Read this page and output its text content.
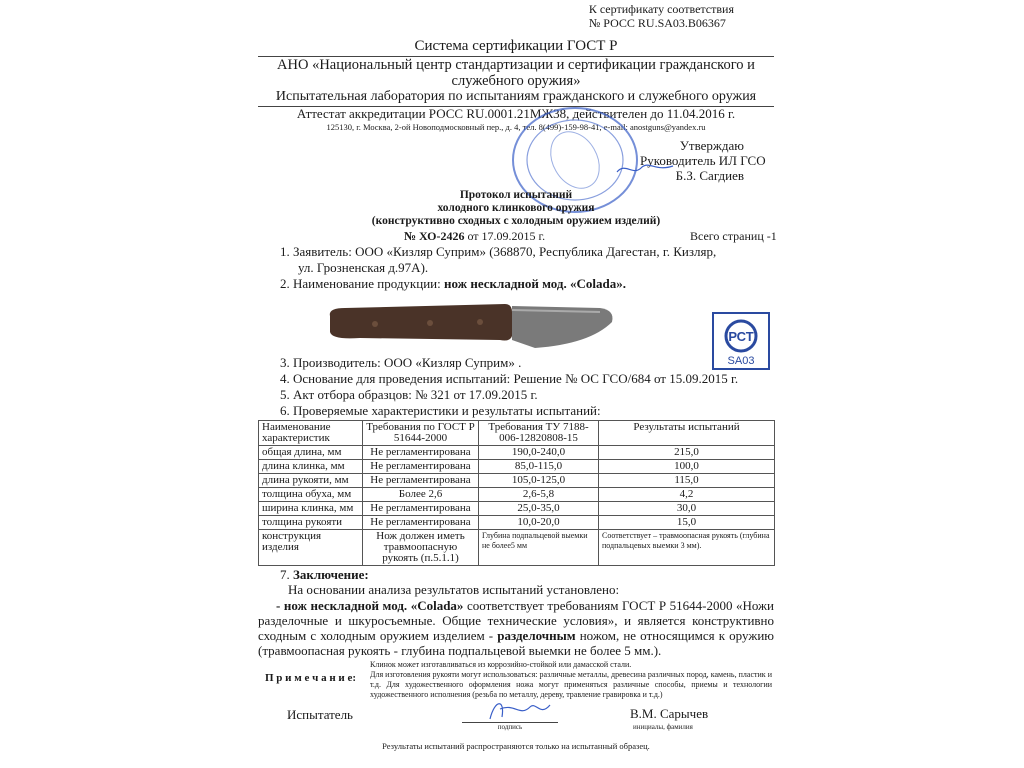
К сертификату соответствия
№ РОСС RU.SA03.B06367
Система сертификации ГОСТ Р
АНО «Национальный центр стандартизации и сертификации гражданского и
служебного оружия»
Испытательная лаборатория по испытаниям гражданского и служебного оружия
Аттестат аккредитации РОСС RU.0001.21МЖ38, действителен до 11.04.2016 г.
125130, г. Москва, 2-ой Новоподмосковный пер., д. 4, тел. 8(499)-159-98-41, e-mail: anostguns@yandex.ru
Утверждаю
Руководитель ИЛ ГСО
Б.З. Сагдиев
Протокол испытаний
холодного клинкового оружия
(конструктивно сходных с холодным оружием изделий)
№ ХО-2426 от 17.09.2015 г.	Всего страниц -1
1. Заявитель: ООО «Кизляр Суприм» (368870, Республика Дагестан, г. Кизляр,
ул. Грозненская д.97А).
2. Наименование продукции: нож нескладной мод. «Colada».
РСТ
SA03
3. Производитель: ООО «Кизляр Суприм» .
4. Основание для проведения испытаний: Решение № ОС ГСО/684 от 15.09.2015 г.
5. Акт отбора образцов: № 321 от 17.09.2015 г.
6. Проверяемые характеристики и результаты испытаний:
Наименование характеристик	Требования по ГОСТ Р 51644-2000	Требования ТУ 7188-006-12820808-15	Результаты испытаний
общая длина, мм	Не регламентирована	190,0-240,0	215,0
длина клинка, мм	Не регламентирована	85,0-115,0	100,0
длина рукояти, мм	Не регламентирована	105,0-125,0	115,0
толщина обуха, мм	Более 2,6	2,6-5,8	4,2
ширина клинка, мм	Не регламентирована	25,0-35,0	30,0
толщина рукояти	Не регламентирована	10,0-20,0	15,0
конструкция изделия	Нож должен иметь травмоопасную рукоять (п.5.1.1)	Глубина подпальцевой выемки не более5 мм	Соответствует – травмоопасная рукоять (глубина подпальцевых выемки 3 мм).
7. Заключение:
На основании анализа результатов испытаний установлено:
- нож нескладной мод. «Colada» соответствует требованиям ГОСТ Р 51644-2000 «Ножи разделочные и шкуросъемные. Общие технические условия», и является конструктивно сходным с холодным оружием изделием - разделочным ножом, не относящимся к оружию (травмоопасная рукоять - глубина подпальцевой выемки не более 5 мм.).
П р и м е ч а н и е:
Клинок может изготавливаться из коррозийно-стойкой или дамасской стали.
Для изготовления рукояти могут использоваться: различные металлы, древесина различных пород, камень, пластик и т.д. Для художественного оформления ножа могут применяться различные способы, приемы и технологии художественного исполнения (резьба по металлу, дереву, травление гравировка и т.д.)
Испытатель
подпись
В.М. Сарычев
инициалы, фамилия
Результаты испытаний распространяются только на испытанный образец.
